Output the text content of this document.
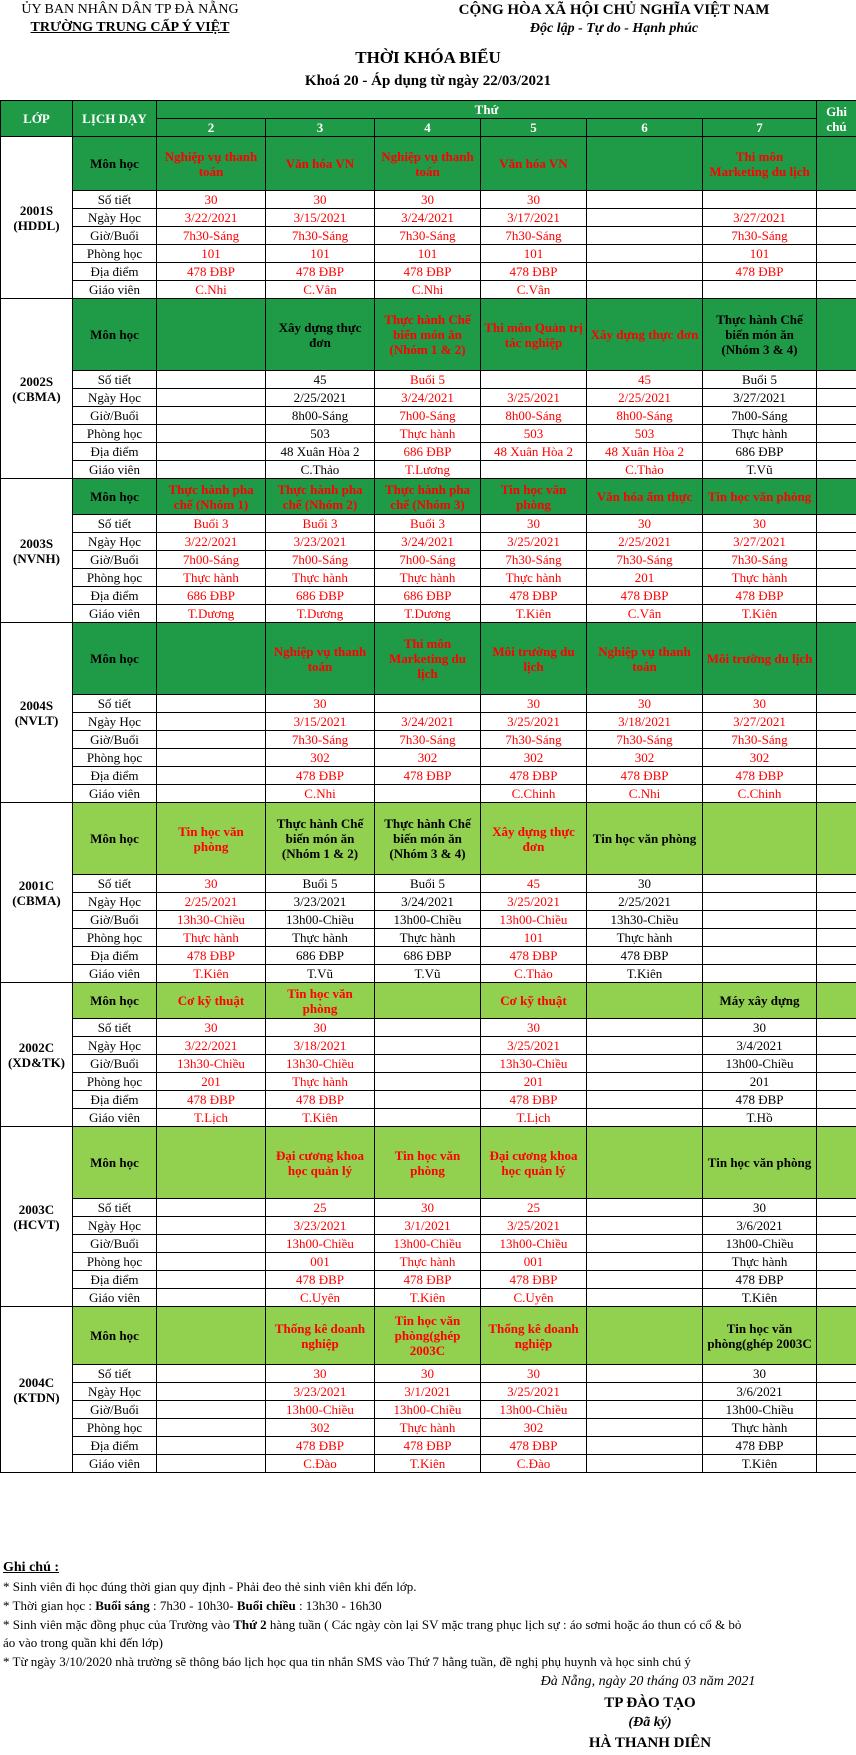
ỦY BAN NHÂN DÂN TP ĐÀ NẴNG
TRƯỜNG TRUNG CẤP Ý VIỆT
CỘNG HÒA XÃ HỘI CHỦ NGHĨA VIỆT NAM
Độc lập - Tự do - Hạnh phúc
THỜI KHÓA BIỂU
Khoá 20 - Áp dụng từ ngày 22/03/2021
LỚP	LỊCH DẠY	Thứ						Ghi chú
		2	3	4	5	6	7	
2001S
(HDDL)	Môn học	Nghiệp vụ thanh toán	Văn hóa VN	Nghiệp vụ thanh toán	Văn hóa VN		Thi môn Marketing du lịch	
	Số tiết	30	30	30	30			
	Ngày Học	3/22/2021	3/15/2021	3/24/2021	3/17/2021		3/27/2021	
	Giờ/Buổi	7h30-Sáng	7h30-Sáng	7h30-Sáng	7h30-Sáng		7h30-Sáng	
	Phòng học	101	101	101	101		101	
	Địa điểm	478 ĐBP	478 ĐBP	478 ĐBP	478 ĐBP		478 ĐBP	
	Giáo viên	C.Nhi	C.Vân	C.Nhi	C.Vân			
2002S
(CBMA)	Môn học		Xây dựng thực đơn	Thực hành Chế biến món ăn (Nhóm 1 & 2)	Thi môn Quản trị tác nghiệp	Xây dựng thực đơn	Thực hành Chế biến món ăn (Nhóm 3 & 4)	
	Số tiết		45	Buổi 5		45	Buổi 5	
	Ngày Học		2/25/2021	3/24/2021	3/25/2021	2/25/2021	3/27/2021	
	Giờ/Buổi		8h00-Sáng	7h00-Sáng	8h00-Sáng	8h00-Sáng	7h00-Sáng	
	Phòng học		503	Thực hành	503	503	Thực hành	
	Địa điểm		48 Xuân Hòa 2	686 ĐBP	48 Xuân Hòa 2	48 Xuân Hòa 2	686 ĐBP	
	Giáo viên		C.Thảo	T.Lương		C.Thảo	T.Vũ	
2003S
(NVNH)	Môn học	Thực hành pha chế (Nhóm 1)	Thực hành pha chế (Nhóm 2)	Thực hành pha chế (Nhóm 3)	Tin học văn phòng	Văn hóa ẩm thực	Tin học văn phòng	
	Số tiết	Buổi 3	Buổi 3	Buổi 3	30	30	30	
	Ngày Học	3/22/2021	3/23/2021	3/24/2021	3/25/2021	2/25/2021	3/27/2021	
	Giờ/Buổi	7h00-Sáng	7h00-Sáng	7h00-Sáng	7h30-Sáng	7h30-Sáng	7h30-Sáng	
	Phòng học	Thực hành	Thực hành	Thực hành	Thực hành	201	Thực hành	
	Địa điểm	686 ĐBP	686 ĐBP	686 ĐBP	478 ĐBP	478 ĐBP	478 ĐBP	
	Giáo viên	T.Dương	T.Dương	T.Dương	T.Kiên	C.Vân	T.Kiên	
2004S
(NVLT)	Môn học		Nghiệp vụ thanh toán	Thi môn Marketing du lịch	Môi trường du lịch	Nghiệp vụ thanh toán	Môi trường du lịch	
	Số tiết		30		30	30	30	
	Ngày Học		3/15/2021	3/24/2021	3/25/2021	3/18/2021	3/27/2021	
	Giờ/Buổi		7h30-Sáng	7h30-Sáng	7h30-Sáng	7h30-Sáng	7h30-Sáng	
	Phòng học		302	302	302	302	302	
	Địa điểm		478 ĐBP	478 ĐBP	478 ĐBP	478 ĐBP	478 ĐBP	
	Giáo viên		C.Nhi		C.Chinh	C.Nhi	C.Chinh	
2001C
(CBMA)	Môn học	Tin học văn phòng	Thực hành Chế biến món ăn (Nhóm 1 & 2)	Thực hành Chế biến món ăn (Nhóm 3 & 4)	Xây dựng thực đơn	Tin học văn phòng		
	Số tiết	30	Buổi 5	Buổi 5	45	30		
	Ngày Học	2/25/2021	3/23/2021	3/24/2021	3/25/2021	2/25/2021		
	Giờ/Buổi	13h30-Chiều	13h00-Chiều	13h00-Chiều	13h00-Chiều	13h30-Chiều		
	Phòng học	Thực hành	Thực hành	Thực hành	101	Thực hành		
	Địa điểm	478 ĐBP	686 ĐBP	686 ĐBP	478 ĐBP	478 ĐBP		
	Giáo viên	T.Kiên	T.Vũ	T.Vũ	C.Thảo	T.Kiên		
2002C
(XD&TK)	Môn học	Cơ kỹ thuật	Tin học văn phòng		Cơ kỹ thuật		Máy xây dựng	
	Số tiết	30	30		30		30	
	Ngày Học	3/22/2021	3/18/2021		3/25/2021		3/4/2021	
	Giờ/Buổi	13h30-Chiều	13h30-Chiều		13h30-Chiều		13h00-Chiều	
	Phòng học	201	Thực hành		201		201	
	Địa điểm	478 ĐBP	478 ĐBP		478 ĐBP		478 ĐBP	
	Giáo viên	T.Lịch	T.Kiên		T.Lịch		T.Hồ	
2003C
(HCVT)	Môn học		Đại cương khoa học quản lý	Tin học văn phòng	Đại cương khoa học quản lý		Tin học văn phòng	
	Số tiết		25	30	25		30	
	Ngày Học		3/23/2021	3/1/2021	3/25/2021		3/6/2021	
	Giờ/Buổi		13h00-Chiều	13h00-Chiều	13h00-Chiều		13h00-Chiều	
	Phòng học		001	Thực hành	001		Thực hành	
	Địa điểm		478 ĐBP	478 ĐBP	478 ĐBP		478 ĐBP	
	Giáo viên		C.Uyên	T.Kiên	C.Uyên		T.Kiên	
2004C
(KTDN)	Môn học		Thống kê doanh nghiệp	Tin học văn phòng(ghép 2003C	Thống kê doanh nghiệp		Tin học văn phòng(ghép 2003C	
	Số tiết		30	30	30		30	
	Ngày Học		3/23/2021	3/1/2021	3/25/2021		3/6/2021	
	Giờ/Buổi		13h00-Chiều	13h00-Chiều	13h00-Chiều		13h00-Chiều	
	Phòng học		302	Thực hành	302		Thực hành	
	Địa điểm		478 ĐBP	478 ĐBP	478 ĐBP		478 ĐBP	
	Giáo viên		C.Đào	T.Kiên	C.Đào		T.Kiên	
Ghi chú :
* Sinh viên đi học đúng thời gian quy định - Phải đeo thẻ sinh viên khi đến lớp.
* Thời gian học : Buổi sáng : 7h30 - 10h30- Buổi chiều : 13h30 - 16h30
* Sinh viên mặc đồng phục của Trường vào Thứ 2 hàng tuần ( Các ngày còn lại SV mặc trang phục lịch sự : áo sơmi hoặc áo thun có cổ & bỏ
áo vào trong quần khi đến lớp)
* Từ ngày 3/10/2020 nhà trường sẽ thông báo lịch học qua tin nhắn SMS vào Thứ 7 hằng tuần, đề nghị phụ huynh và học sinh chú ý
Đà Nẵng, ngày 20 tháng 03 năm 2021
TP ĐÀO TẠO
(Đã ký)
HÀ THANH DIÊN
